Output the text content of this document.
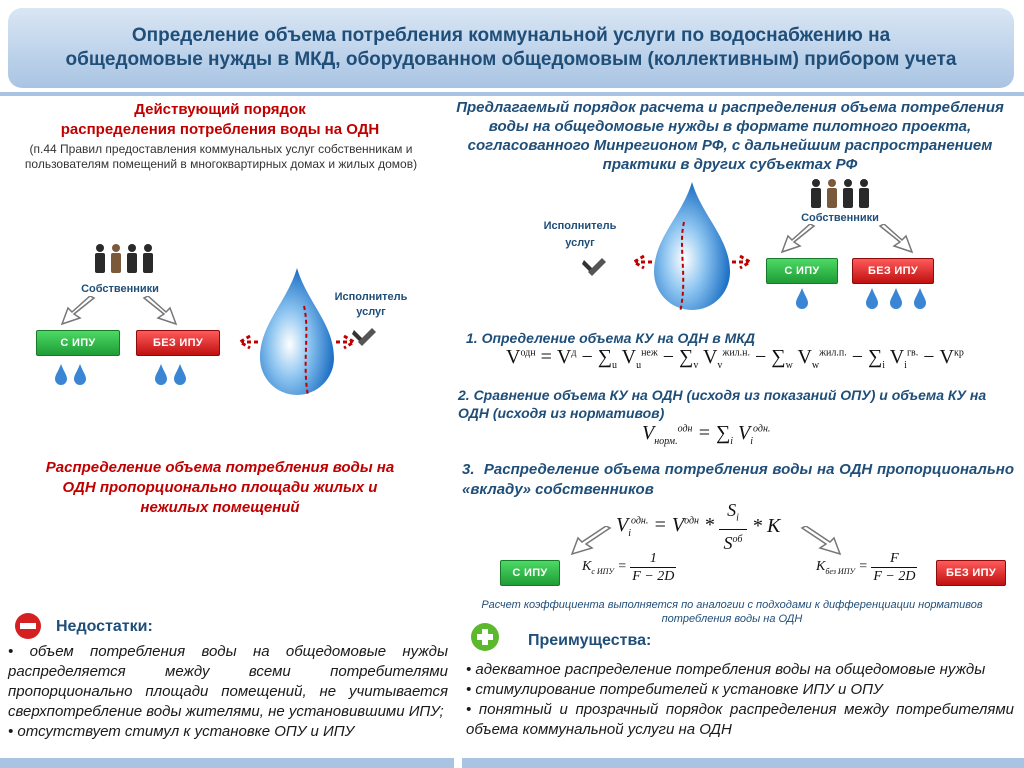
Определение объема потребления коммунальной услуги по водоснабжению на
общедомовые нужды в МКД, оборудованном общедомовым (коллективным) прибором учета
Действующий порядок
распределения потребления воды на ОДН
(п.44 Правил предоставления коммунальных услуг собственникам и пользователям помещений в многоквартирных домах и жилых домов)
Собственники
С ИПУ	БЕЗ ИПУ
Исполнитель услуг
Распределение объема потребления воды на ОДН пропорционально площади жилых и нежилых помещений
Недостатки:
• объем потребления воды на общедомовые нужды распределяется между всеми потребителями пропорционально площади помещений, не учитывается сверхпотребление воды жителями, не установившими ИПУ;
• отсутствует стимул к установке ОПУ и ИПУ
Предлагаемый порядок расчета и распределения объема потребления воды на общедомовые нужды в формате пилотного проекта, согласованного Минрегионом РФ, с дальнейшим распространением практики в других субъектах РФ
Исполнитель услуг
Собственники
С ИПУ	БЕЗ ИПУ
1. Определение объема КУ на ОДН в МКД
$V^{одн} = V^д - \sum_u$ $V_u^{неж} - \sum_v$ $V_v^{жил.н.} - \sum_w$ $V_w^{жил.п.} - \sum_i$ $V_i^{гв.} - V^{кр}$
2. Сравнение объема КУ на ОДН (исходя из показаний ОПУ) и объема КУ на ОДН (исходя из нормативов)
$V_{норм.}^{одн} = \sum_i$ $V_i^{одн.}$
3. Распределение объема потребления воды на ОДН пропорционально «вкладу» собственников
$V_i^{одн.} = V^{одн}$ *
$S_i$
$S^{об}$
* K
С ИПУ	$K_{с ИПУ} = \frac{1}{F - 2D}$	$K_{без ИПУ} = \frac{F}{F - 2D}$	БЕЗ ИПУ
Расчет коэффициента выполняется по аналогии с подходами к дифференциации нормативов потребления воды на ОДН
Преимущества:
• адекватное распределение потребления воды на общедомовые нужды
• стимулирование потребителей к установке ИПУ и ОПУ
• понятный и прозрачный порядок распределения между потребителями объема коммунальной услуги на ОДН
